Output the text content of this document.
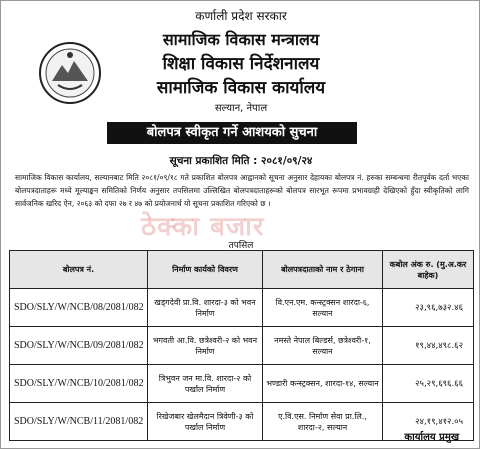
कर्णाली प्रदेश सरकार
सामाजिक विकास मन्त्रालय
शिक्षा विकास निर्देशनालय
सामाजिक विकास कार्यालय
सल्यान, नेपाल
बोलपत्र स्वीकृत गर्ने आशयको सुचना
सूचना प्रकाशित मिति : २०८१/०९/२४
सामाजिक विकास कार्यालय, सल्यानबाट मिति २०८१/०९/१८ गते प्रकाशित बोलपत्र आह्वानको सूचना अनुसार देहायका बोलपत्र नं. हरुका सम्बन्धमा रीतपूर्वक दर्ता भएका बोलपत्रदाताहरू मध्ये मूल्याङ्कन समितिको निर्णय अनुसार तपसिलमा उल्लिखित बोलपत्रदाताहरूको बोलपत्र सारभूत रूपमा प्रभावग्राही देखिएको हुँदा स्वीकृतिको लागि सार्वजनिक खरिद ऐन, २०६३ को दफा २७ र ४७ को प्रयोजनार्थ यो सूचना प्रकाशित गरिएको छ ।
ठेक्का बजार
तपसिल
बोलपत्र नं.	निर्माण कार्यको विवरण	बोलपत्रदाताको नाम र ठेगाना	कबोल अंक रु. (मु.अ.कर बाहेक)
SDO/SLY/W/NCB/08/2081/082	खड्गदेवी प्रा.वि. शारदा-३ को भवन निर्माण	वि.एन.एम. कन्स्ट्रक्सन शारदा-६, सल्यान	२३,९६,७३२.४६
SDO/SLY/W/NCB/09/2081/082	भगवती आ.वि. छत्रेश्वरी-२ को भवन निर्माण	नमस्ते नेपाल बिल्डर्स, छत्रेश्वरी-१, सल्यान	१९,४४,४९८.६२
SDO/SLY/W/NCB/10/2081/082	त्रिभुवन जन मा.वि. शारदा-२ को पर्खाल निर्माण	भण्डारी कन्स्ट्रक्सन, शारदा-१४, सल्यान	२५,२९,६९६.६६
SDO/SLY/W/NCB/11/2081/082	रिखेजबार खेलमैदान त्रिवेणी-३ को पर्खाल निर्माण	ए.वि.एस. निर्माण सेवा प्रा.लि., शारदा-२, सल्यान	२४,१९,४१२.०५
कार्यालय प्रमुख
